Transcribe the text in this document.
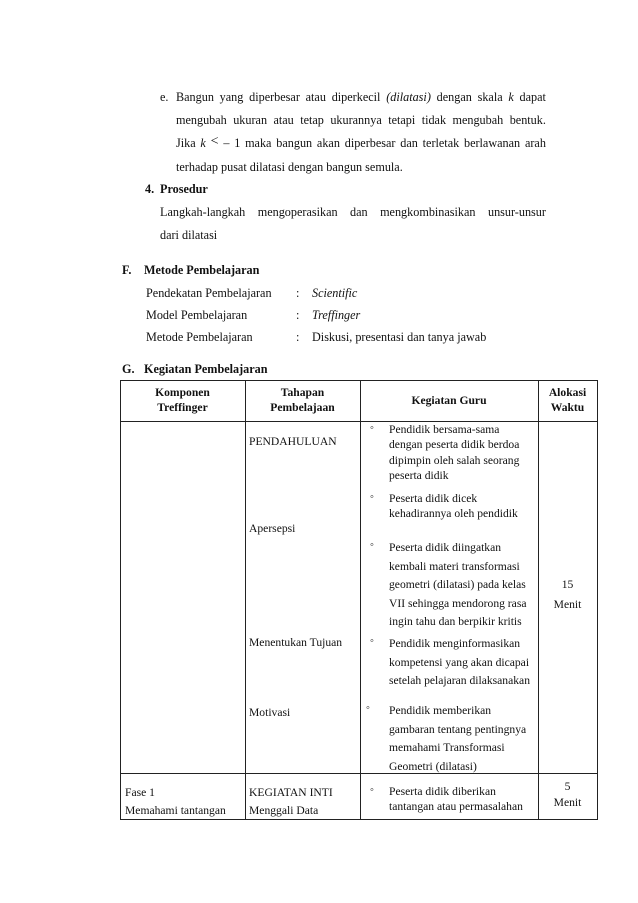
e. Bangun yang diperbesar atau diperkecil (dilatasi) dengan skala k dapat
mengubah ukuran atau tetap ukurannya tetapi tidak mengubah bentuk.
Jika k < – 1 maka bangun akan diperbesar dan terletak berlawanan arah
terhadap pusat dilatasi dengan bangun semula.
4. Prosedur
Langkah-langkah mengoperasikan dan mengkombinasikan unsur-unsur
dari dilatasi
F. Metode Pembelajaran
Pendekatan Pembelajaran : Scientific
Model Pembelajaran	: Treffinger
Metode Pembelajaran	: Diskusi, presentasi dan tanya jawab
G. Kegiatan Pembelajaran
Komponen
Treffinger
Tahapan
Pembelajaan
Kegiatan Guru
Alokasi
Waktu
PENDAHULUAN
Apersepsi
Menentukan Tujuan
Motivasi
◦ Pendidik bersama-sama
dengan peserta didik berdoa
dipimpin oleh salah seorang
peserta didik
◦ Peserta didik dicek
kehadirannya oleh pendidik
◦ Peserta didik diingatkan
kembali materi transformasi
geometri (dilatasi) pada kelas
VII sehingga mendorong rasa
ingin tahu dan berpikir kritis
◦ Pendidik menginformasikan
kompetensi yang akan dicapai
setelah pelajaran dilaksanakan
◦ Pendidik memberikan
gambaran tentang pentingnya
memahami Transformasi
Geometri (dilatasi)
15
Menit
Fase 1
Memahami tantangan
KEGIATAN INTI
Menggali Data
◦ Peserta didik diberikan
tantangan atau permasalahan
5
Menit
